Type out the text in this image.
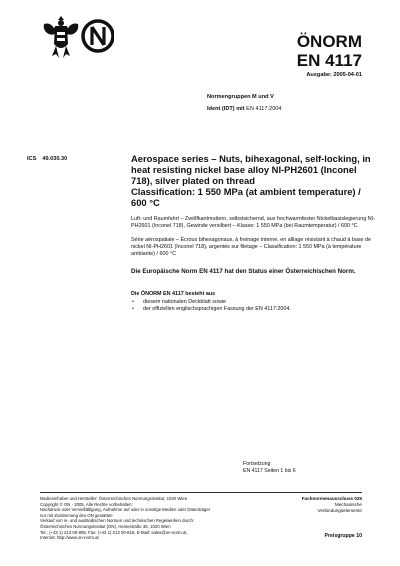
ÖNORM
EN 4117
Ausgabe: 2005-04-01
Normengruppen M und V
Ident (IDT) mit EN 4117:2004
ICS 49.030.30	Aerospace series – Nuts, bihexagonal, self-locking, in heat resisting nickel base alloy NI-PH2601 (Inconel 718), silver plated on thread
Classification: 1 550 MPa (at ambient temperature) / 600 °C
Luft- und Raumfahrt – Zwölfkantmuttern, selbstsichernd, aus hochwarmfester Nickelbasislegierung NI-PH2601 (Inconel 718), Gewinde versilbert – Klasse: 1 550 MPa (bei Raumtemperatur) / 600 °C
Série aérospatiale – Écrous bihexagonaux, à freinage interne, en alliage résistant à chaud à base de nickel NI-PH2601 (Inconel 718), argentés sur filetage – Classification: 1 550 MPa (à température ambiante) / 600 °C
Die Europäische Norm EN 4117 hat den Status einer Österreichischen Norm.
Die ÖNORM EN 4117 besteht aus
• diesem nationalen Deckblatt sowie
• der offiziellen englischsprachigen Fassung der EN 4117:2004.
Fortsetzung
EN 4117 Seiten 1 bis 6
Medieninhaber und Hersteller: Österreichisches Normungsinstitut, 1020 Wien
Copyright © ON - 2005. Alle Rechte vorbehalten;
Nachdruck oder Vervielfältigung, Aufnahme auf oder in sonstige Medien oder Datenträger
nur mit Zustimmung des ON gestattet!
Verkauf von in- und ausländischen Normen und technischen Regelwerken durch:
Österreichisches Normungsinstitut (ON), Heinestraße 38, 1020 Wien
Tel.: (+43 1) 213 00-805, Fax: (+43 1) 213 00-818, E-Mail: sales@on-norm.at,
Internet: http://www.on-norm.at
Fachnormenausschuss 029
Mechanische
Verbindungselemente
Preisgruppe 10
